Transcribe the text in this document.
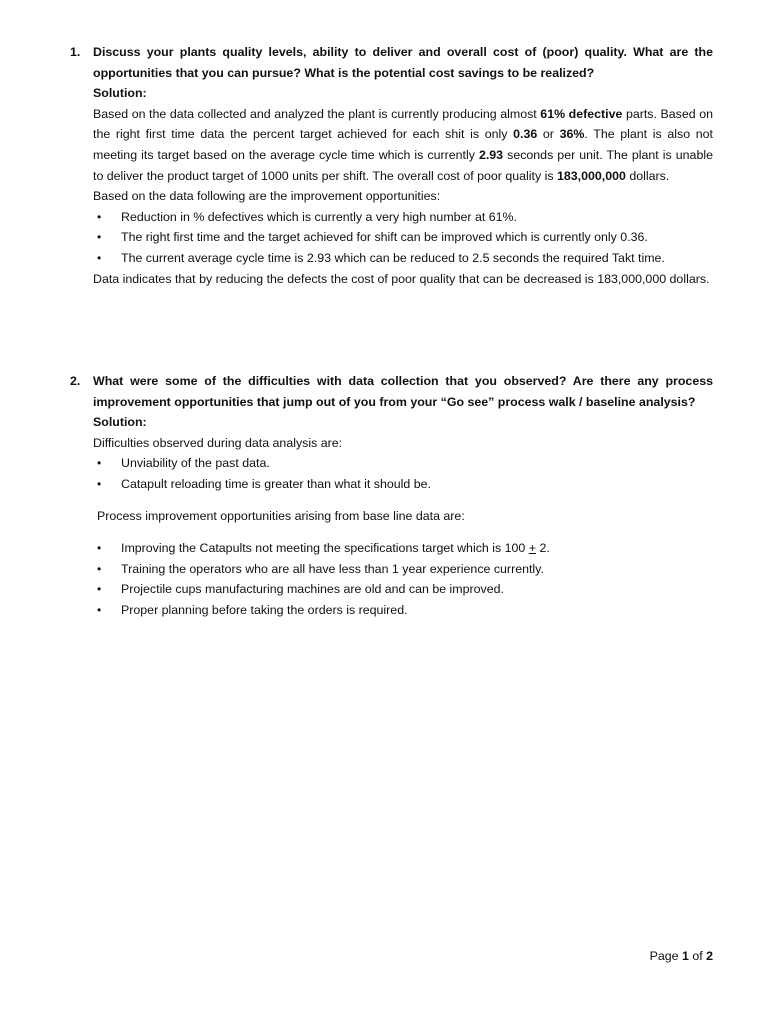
1. Discuss your plants quality levels, ability to deliver and overall cost of (poor) quality. What are the opportunities that you can pursue? What is the potential cost savings to be realized?

Solution:

Based on the data collected and analyzed the plant is currently producing almost 61% defective parts. Based on the right first time data the percent target achieved for each shit is only 0.36 or 36%. The plant is also not meeting its target based on the average cycle time which is currently 2.93 seconds per unit. The plant is unable to deliver the product target of 1000 units per shift. The overall cost of poor quality is 183,000,000 dollars.

Based on the data following are the improvement opportunities:

• Reduction in % defectives which is currently a very high number at 61%.
• The right first time and the target achieved for shift can be improved which is currently only 0.36.
• The current average cycle time is 2.93 which can be reduced to 2.5 seconds the required Takt time.

Data indicates that by reducing the defects the cost of poor quality that can be decreased is 183,000,000 dollars.

2. What were some of the difficulties with data collection that you observed? Are there any process improvement opportunities that jump out of you from your “Go see” process walk / baseline analysis?

Solution:

Difficulties observed during data analysis are:

• Unviability of the past data.
• Catapult reloading time is greater than what it should be.

Process improvement opportunities arising from base line data are:

• Improving the Catapults not meeting the specifications target which is 100 + 2.
• Training the operators who are all have less than 1 year experience currently.
• Projectile cups manufacturing machines are old and can be improved.
• Proper planning before taking the orders is required.
Page 1 of 2
